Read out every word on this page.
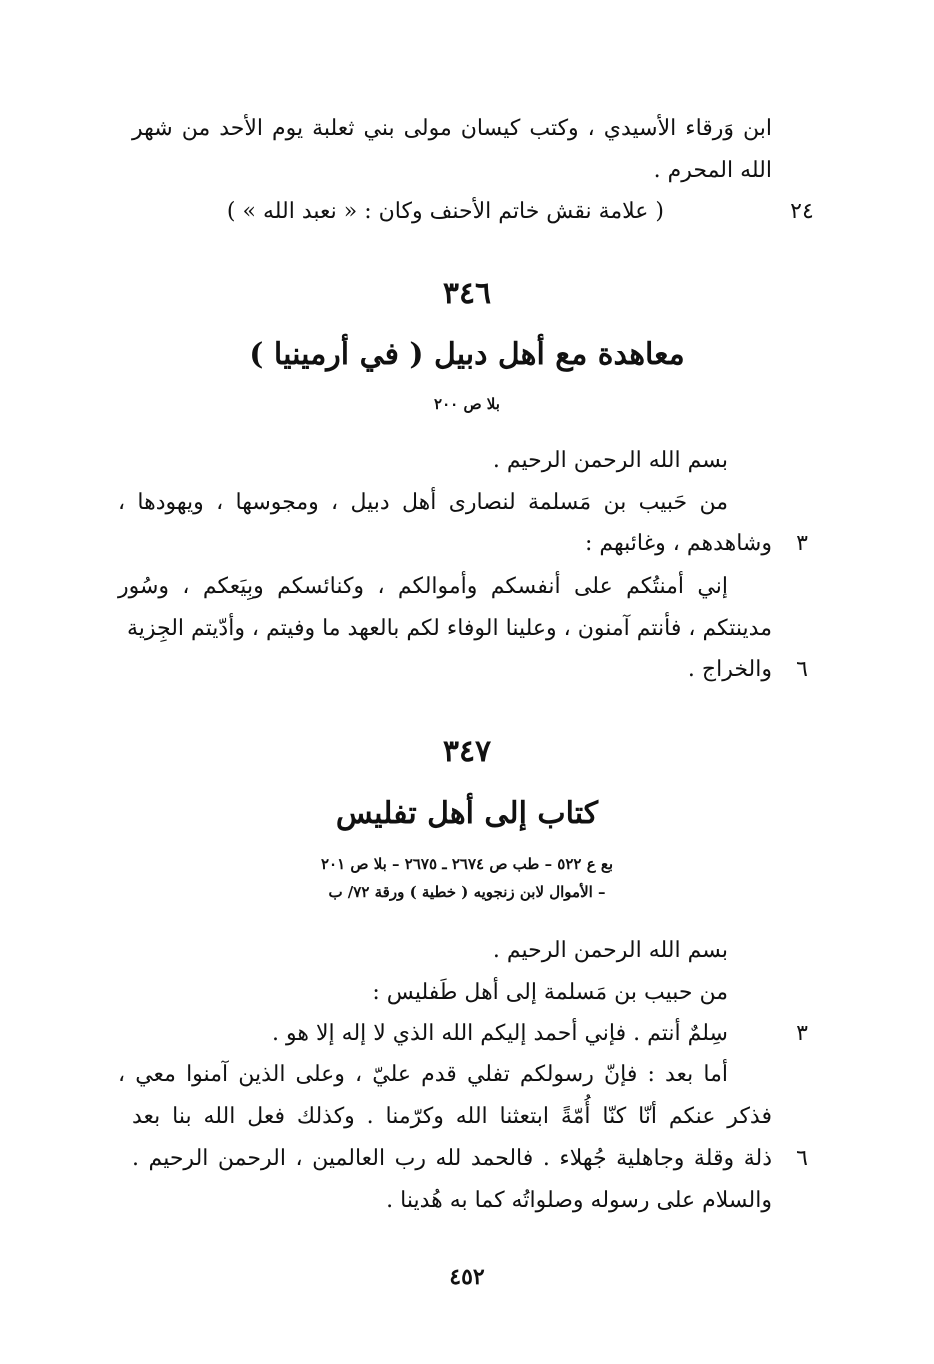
ابن وَرقاء الأسيدي ، وكتب كيسان مولى بني ثعلبة يوم الأحد من شهر
الله المحرم .
( علامة نقش خاتم الأحنف وكان : « نعبد الله » )	٢٤
٣٤٦
معاهدة مع أهل دبيل ( في أرمينيا )
بلا ص ٢٠٠
بسم الله الرحمن الرحيم .
من حَبيب بن مَسلمة لنصارى أهل دبيل ، ومجوسها ، ويهودها ،
وشاهدهم ، وغائبهم :	٣
إني أمنتُكم على أنفسكم وأموالكم ، وكنائسكم وبِيَعكم ، وسُور
مدينتكم ، فأنتم آمنون ، وعلينا الوفاء لكم بالعهد ما وفيتم ، وأدّيتم الجِزية
والخراج .	٦
٣٤٧
كتاب إلى أهل تفليس
بع ع ٥٢٢ – طب ص ٢٦٧٤ ـ ٢٦٧٥ – بلا ص ٢٠١
– الأموال لابن زنجويه ( خطية ) ورقة ٧٢/ ب
بسم الله الرحمن الرحيم .
من حبيب بن مَسلمة إلى أهل طَفليس :
سِلمٌ أنتم . فإني أحمد إليكم الله الذي لا إله إلا هو .	٣
أما بعد : فإنّ رسولكم تفلي قدم عليّ ، وعلى الذين آمنوا معي ،
فذكر عنكم أنّا كنّا أُمّةً ابتعثنا الله وكرّمنا . وكذلك فعل الله بنا بعد
ذلة وقلة وجاهلية جُهلاء . فالحمد لله رب العالمين ، الرحمن الرحيم .	٦
والسلام على رسوله وصلواتُه كما به هُدينا .
٤٥٢
